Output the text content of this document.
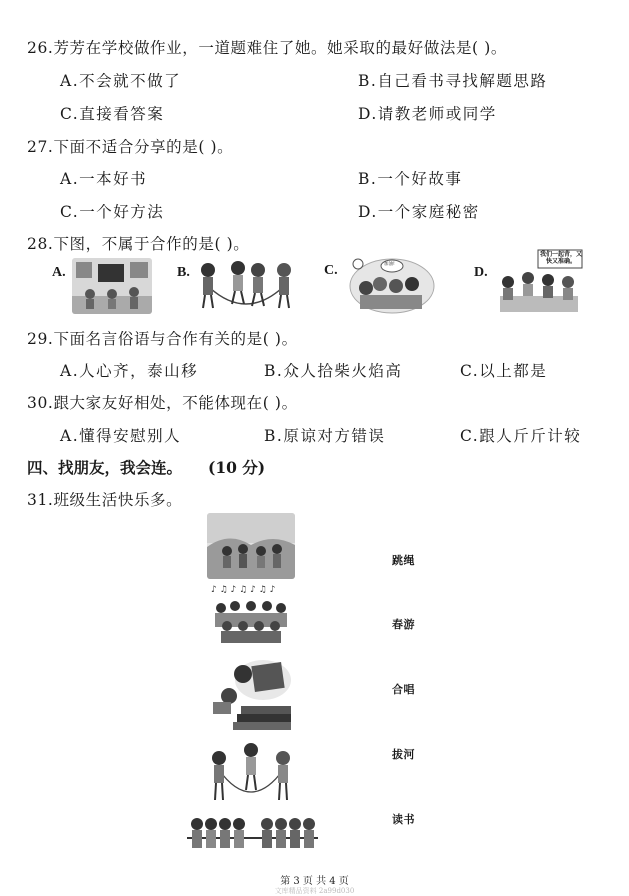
26.芳芳在学校做作业，一道题难住了她。她采取的最好做法是( )。
A.不会就不做了	B.自己看书寻找解题思路
C.直接看答案	D.请教老师或同学
27.下面不适合分享的是( )。
A.一本好书	B.一个好故事
C.一个好方法	D.一个家庭秘密
28.下图，不属于合作的是( )。
A.	B.	C.	加油!
D.
我们一起背，又快又准确。
29.下面名言俗语与合作有关的是( )。
A.人心齐，泰山移	B.众人拾柴火焰高	C.以上都是
30.跟大家友好相处，不能体现在( )。
A.懂得安慰别人	B.原谅对方错误	C.跟人斤斤计较
四、找朋友，我会连。 (10 分)
31.班级生活快乐多。
♪ ♫ ♪ ♫ ♪ ♫ ♪
跳绳
春游
合唱
拔河
读书
第 3 页 共 4 页
文库精品资料 2a99d030
